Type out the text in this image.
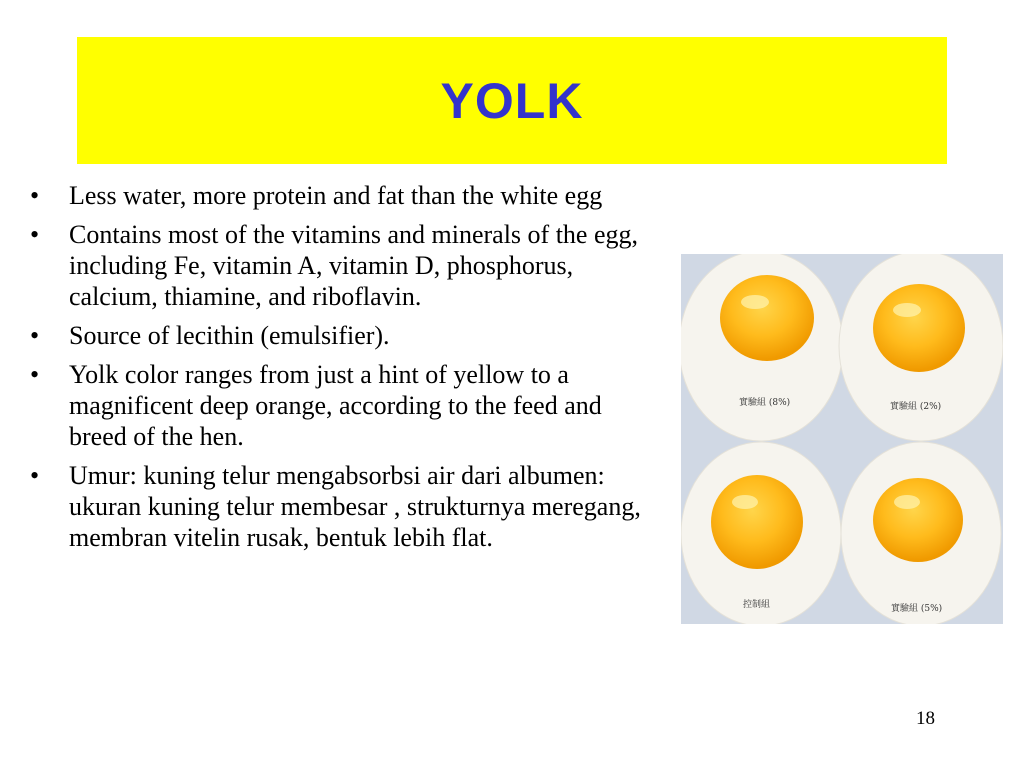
YOLK
• Less water, more protein and fat than the white egg
• Contains most of the vitamins and minerals of the egg, including Fe, vitamin A, vitamin D, phosphorus, calcium, thiamine, and riboflavin.
• Source of lecithin (emulsifier).
• Yolk color ranges from just a hint of yellow to a magnificent deep orange, according to the feed and breed of the hen.
• Umur: kuning telur mengabsorbsi air dari albumen: ukuran kuning telur membesar , strukturnya meregang, membran vitelin rusak, bentuk lebih flat.
實驗組 (8%)	實驗組 (2%)
控制組	實驗組 (5%)
18
